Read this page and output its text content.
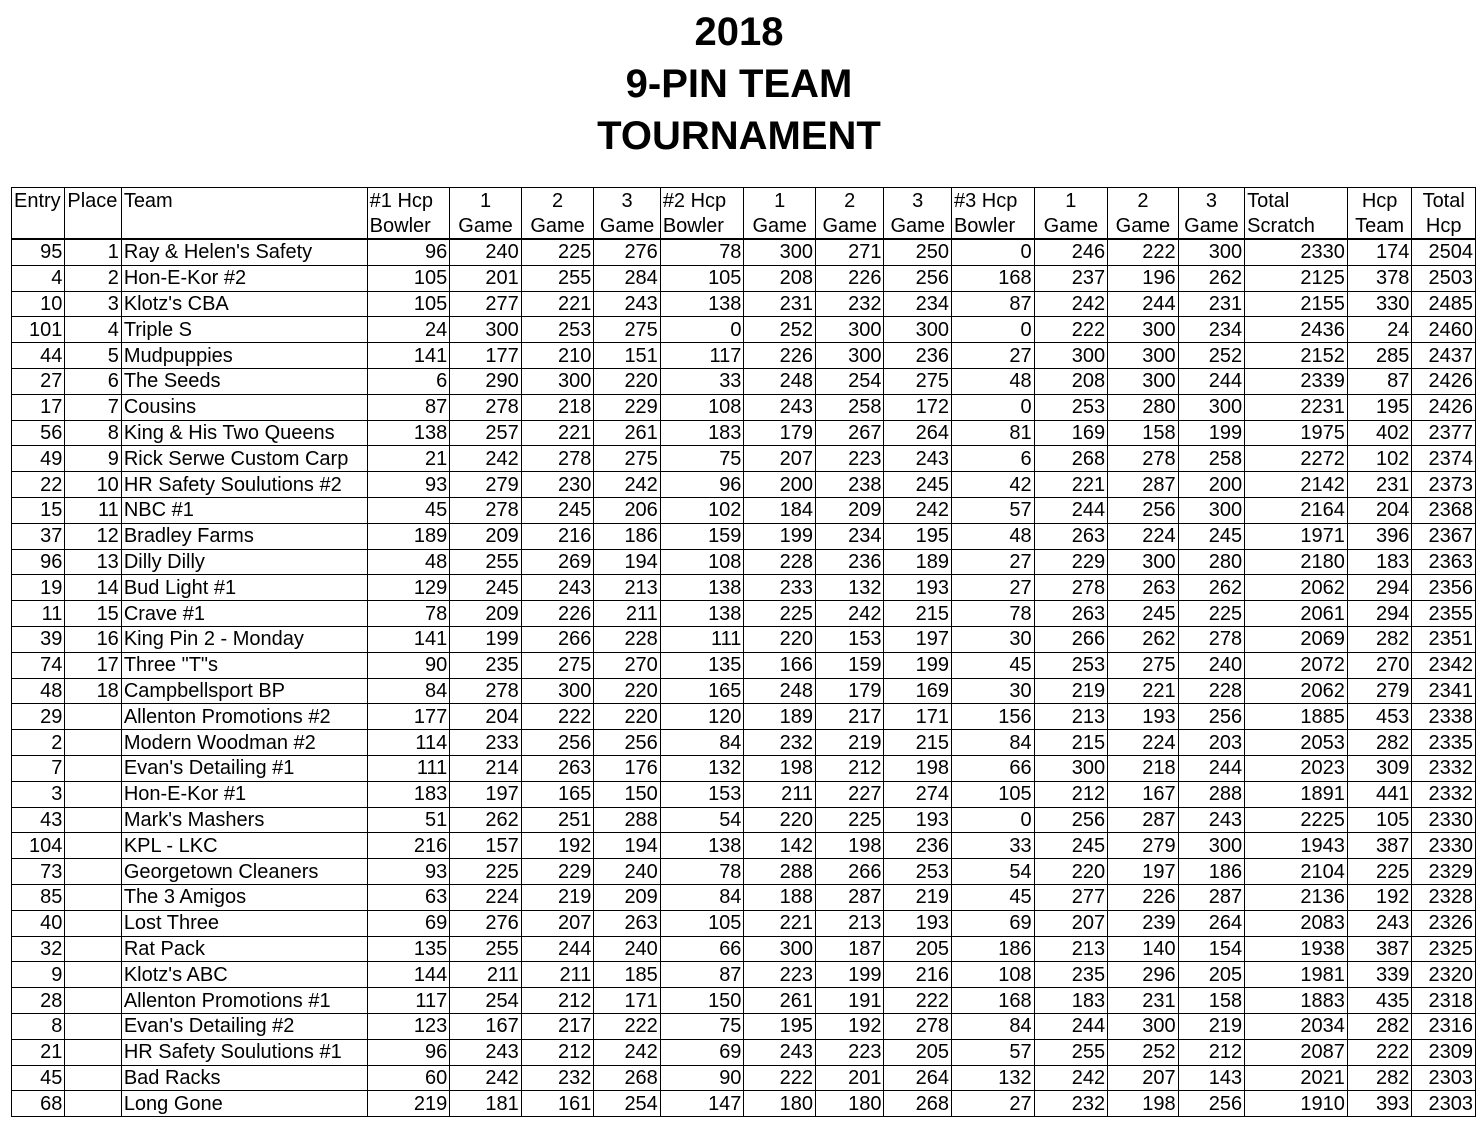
2018
9-PIN TEAM
TOURNAMENT
Entry	Place	Team	#1 Hcp	1	2	3	#2 Hcp	1	2	3	#3 Hcp	1	2	3	Total	Hcp	Total
			Bowler	Game	Game	Game	Bowler	Game	Game	Game	Bowler	Game	Game	Game	Scratch	Team	Hcp
95	1	Ray & Helen's Safety	96	240	225	276	78	300	271	250	0	246	222	300	2330	174	2504
4	2	Hon-E-Kor #2	105	201	255	284	105	208	226	256	168	237	196	262	2125	378	2503
10	3	Klotz's CBA	105	277	221	243	138	231	232	234	87	242	244	231	2155	330	2485
101	4	Triple S	24	300	253	275	0	252	300	300	0	222	300	234	2436	24	2460
44	5	Mudpuppies	141	177	210	151	117	226	300	236	27	300	300	252	2152	285	2437
27	6	The Seeds	6	290	300	220	33	248	254	275	48	208	300	244	2339	87	2426
17	7	Cousins	87	278	218	229	108	243	258	172	0	253	280	300	2231	195	2426
56	8	King & His Two Queens	138	257	221	261	183	179	267	264	81	169	158	199	1975	402	2377
49	9	Rick Serwe Custom Carp	21	242	278	275	75	207	223	243	6	268	278	258	2272	102	2374
22	10	HR Safety Soulutions #2	93	279	230	242	96	200	238	245	42	221	287	200	2142	231	2373
15	11	NBC #1	45	278	245	206	102	184	209	242	57	244	256	300	2164	204	2368
37	12	Bradley Farms	189	209	216	186	159	199	234	195	48	263	224	245	1971	396	2367
96	13	Dilly Dilly	48	255	269	194	108	228	236	189	27	229	300	280	2180	183	2363
19	14	Bud Light #1	129	245	243	213	138	233	132	193	27	278	263	262	2062	294	2356
11	15	Crave #1	78	209	226	211	138	225	242	215	78	263	245	225	2061	294	2355
39	16	King Pin 2 - Monday	141	199	266	228	111	220	153	197	30	266	262	278	2069	282	2351
74	17	Three "T"s	90	235	275	270	135	166	159	199	45	253	275	240	2072	270	2342
48	18	Campbellsport BP	84	278	300	220	165	248	179	169	30	219	221	228	2062	279	2341
29		Allenton Promotions #2	177	204	222	220	120	189	217	171	156	213	193	256	1885	453	2338
2		Modern Woodman #2	114	233	256	256	84	232	219	215	84	215	224	203	2053	282	2335
7		Evan's Detailing #1	111	214	263	176	132	198	212	198	66	300	218	244	2023	309	2332
3		Hon-E-Kor #1	183	197	165	150	153	211	227	274	105	212	167	288	1891	441	2332
43		Mark's Mashers	51	262	251	288	54	220	225	193	0	256	287	243	2225	105	2330
104		KPL - LKC	216	157	192	194	138	142	198	236	33	245	279	300	1943	387	2330
73		Georgetown Cleaners	93	225	229	240	78	288	266	253	54	220	197	186	2104	225	2329
85		The 3 Amigos	63	224	219	209	84	188	287	219	45	277	226	287	2136	192	2328
40		Lost Three	69	276	207	263	105	221	213	193	69	207	239	264	2083	243	2326
32		Rat Pack	135	255	244	240	66	300	187	205	186	213	140	154	1938	387	2325
9		Klotz's ABC	144	211	211	185	87	223	199	216	108	235	296	205	1981	339	2320
28		Allenton Promotions #1	117	254	212	171	150	261	191	222	168	183	231	158	1883	435	2318
8		Evan's Detailing #2	123	167	217	222	75	195	192	278	84	244	300	219	2034	282	2316
21		HR Safety Soulutions #1	96	243	212	242	69	243	223	205	57	255	252	212	2087	222	2309
45		Bad Racks	60	242	232	268	90	222	201	264	132	242	207	143	2021	282	2303
68		Long Gone	219	181	161	254	147	180	180	268	27	232	198	256	1910	393	2303
